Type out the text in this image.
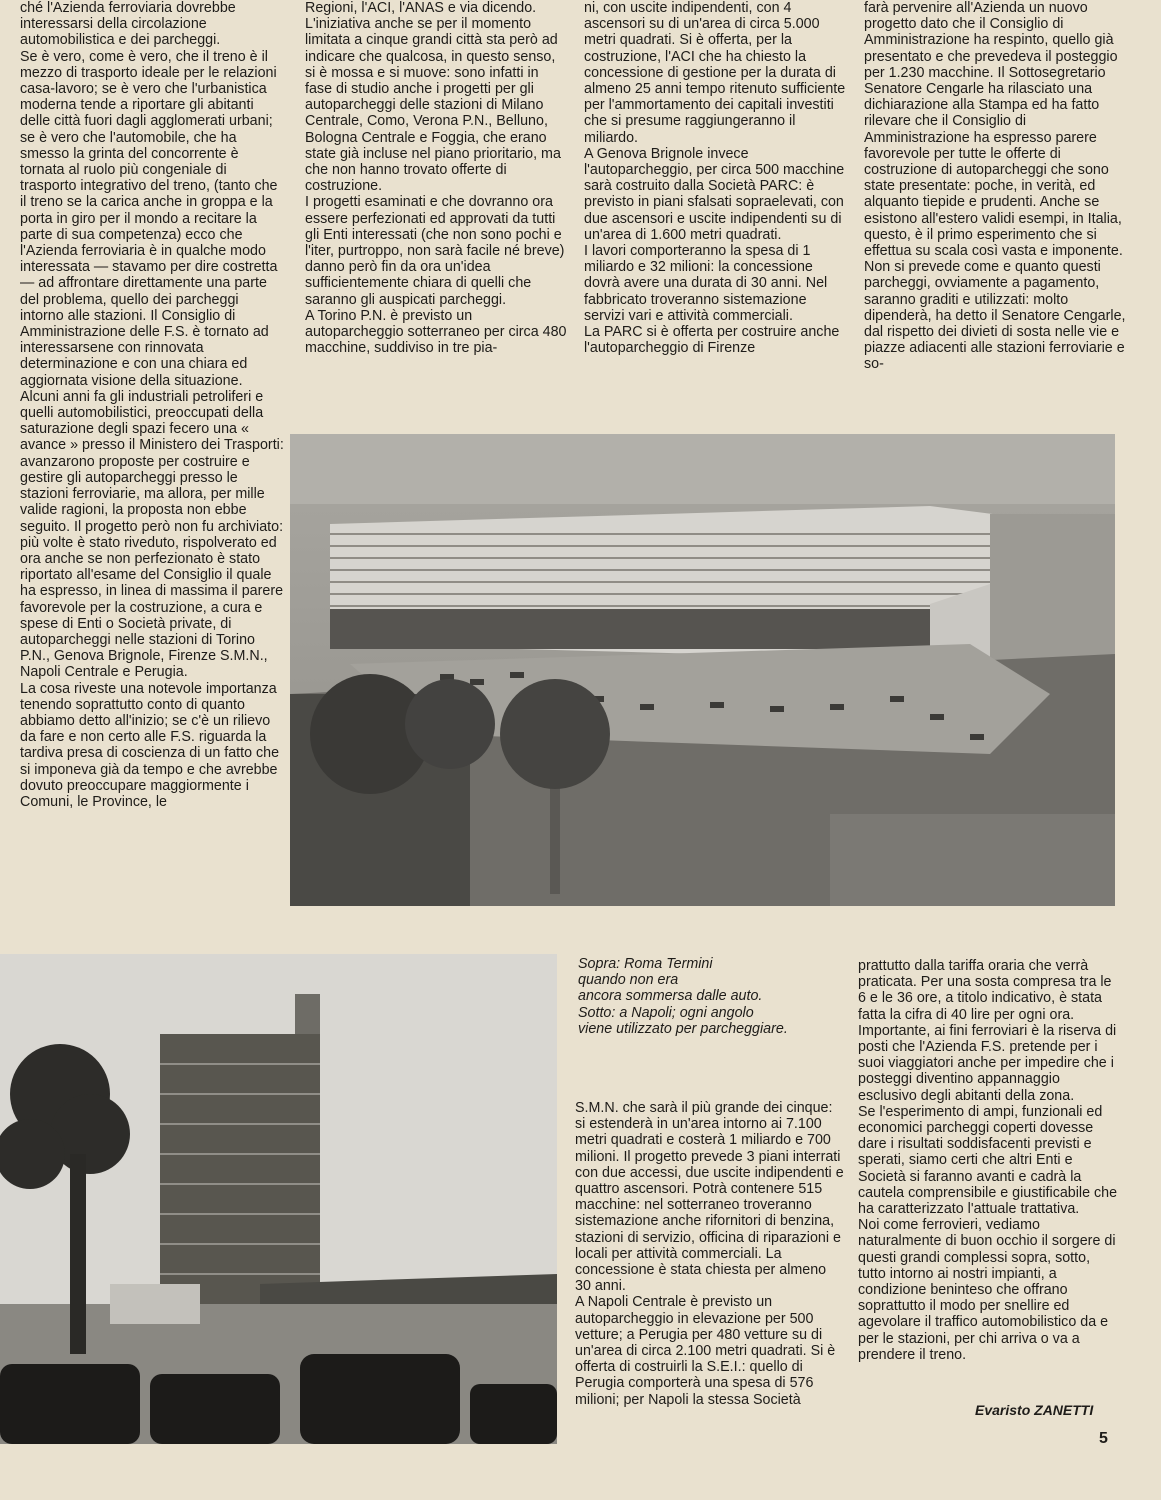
ché l'Azienda ferroviaria dovrebbe interessarsi della circolazione automobilistica e dei parcheggi.
Se è vero, come è vero, che il treno è il mezzo di trasporto ideale per le relazioni casa-lavoro; se è vero che l'urbanistica moderna tende a riportare gli abitanti delle città fuori dagli agglomerati urbani; se è vero che l'automobile, che ha smesso la grinta del concorrente è tornata al ruolo più congeniale di trasporto integrativo del treno, (tanto che il treno se la carica anche in groppa e la porta in giro per il mondo a recitare la parte di sua competenza) ecco che l'Azienda ferroviaria è in qualche modo interessata — stavamo per dire costretta — ad affrontare direttamente una parte del problema, quello dei parcheggi intorno alle stazioni. Il Consiglio di Amministrazione delle F.S. è tornato ad interessarsene con rinnovata determinazione e con una chiara ed aggiornata visione della situazione.
Alcuni anni fa gli industriali petroliferi e quelli automobilistici, preoccupati della saturazione degli spazi fecero una « avance » presso il Ministero dei Trasporti: avanzarono proposte per costruire e gestire gli autoparcheggi presso le stazioni ferroviarie, ma allora, per mille valide ragioni, la proposta non ebbe seguito. Il progetto però non fu archiviato: più volte è stato riveduto, rispolverato ed ora anche se non perfezionato è stato riportato all'esame del Consiglio il quale ha espresso, in linea di massima il parere favorevole per la costruzione, a cura e spese di Enti o Società private, di autoparcheggi nelle stazioni di Torino P.N., Genova Brignole, Firenze S.M.N., Napoli Centrale e Perugia.
La cosa riveste una notevole importanza tenendo soprattutto conto di quanto abbiamo detto all'inizio; se c'è un rilievo da fare e non certo alle F.S. riguarda la tardiva presa di coscienza di un fatto che si imponeva già da tempo e che avrebbe dovuto preoccupare maggiormente i Comuni, le Province, le

Regioni, l'ACI, l'ANAS e via dicendo.
L'iniziativa anche se per il momento limitata a cinque grandi città sta però ad indicare che qualcosa, in questo senso, si è mossa e si muove: sono infatti in fase di studio anche i progetti per gli autoparcheggi delle stazioni di Milano Centrale, Como, Verona P.N., Belluno, Bologna Centrale e Foggia, che erano state già incluse nel piano prioritario, ma che non hanno trovato offerte di costruzione.
I progetti esaminati e che dovranno ora essere perfezionati ed approvati da tutti gli Enti interessati (che non sono pochi e l'iter, purtroppo, non sarà facile né breve) danno però fin da ora un'idea sufficientemente chiara di quelli che saranno gli auspicati parcheggi.
A Torino P.N. è previsto un autoparcheggio sotterraneo per circa 480 macchine, suddiviso in tre pia-

ni, con uscite indipendenti, con 4 ascensori su di un'area di circa 5.000 metri quadrati. Si è offerta, per la costruzione, l'ACI che ha chiesto la concessione di gestione per la durata di almeno 25 anni tempo ritenuto sufficiente per l'ammortamento dei capitali investiti che si presume raggiungeranno il miliardo.
A Genova Brignole invece l'autoparcheggio, per circa 500 macchine sarà costruito dalla Società PARC: è previsto in piani sfalsati sopraelevati, con due ascensori e uscite indipendenti su di un'area di 1.600 metri quadrati.
I lavori comporteranno la spesa di 1 miliardo e 32 milioni: la concessione dovrà avere una durata di 30 anni. Nel fabbricato troveranno sistemazione servizi vari e attività commerciali.
La PARC si è offerta per costruire anche l'autoparcheggio di Firenze

farà pervenire all'Azienda un nuovo progetto dato che il Consiglio di Amministrazione ha respinto, quello già presentato e che prevedeva il posteggio per 1.230 macchine. Il Sottosegretario Senatore Cengarle ha rilasciato una dichiarazione alla Stampa ed ha fatto rilevare che il Consiglio di Amministrazione ha espresso parere favorevole per tutte le offerte di costruzione di autoparcheggi che sono state presentate: poche, in verità, ed alquanto tiepide e prudenti. Anche se esistono all'estero validi esempi, in Italia, questo, è il primo esperimento che si effettua su scala così vasta e imponente. Non si prevede come e quanto questi parcheggi, ovviamente a pagamento, saranno graditi e utilizzati: molto dipenderà, ha detto il Senatore Cengarle, dal rispetto dei divieti di sosta nelle vie e piazze adiacenti alle stazioni ferroviarie e so-

Sopra: Roma Termini
quando non era
ancora sommersa dalle auto.
Sotto: a Napoli; ogni angolo
viene utilizzato per parcheggiare.

S.M.N. che sarà il più grande dei cinque: si estenderà in un'area intorno ai 7.100 metri quadrati e costerà 1 miliardo e 700 milioni. Il progetto prevede 3 piani interrati con due accessi, due uscite indipendenti e quattro ascensori. Potrà contenere 515 macchine: nel sotterraneo troveranno sistemazione anche rifornitori di benzina, stazioni di servizio, officina di riparazioni e locali per attività commerciali. La concessione è stata chiesta per almeno 30 anni.
A Napoli Centrale è previsto un autoparcheggio in elevazione per 500 vetture; a Perugia per 480 vetture su di un'area di circa 2.100 metri quadrati. Si è offerta di costruirli la S.E.I.: quello di Perugia comporterà una spesa di 576 milioni; per Napoli la stessa Società

prattutto dalla tariffa oraria che verrà praticata. Per una sosta compresa tra le 6 e le 36 ore, a titolo indicativo, è stata fatta la cifra di 40 lire per ogni ora. Importante, ai fini ferroviari è la riserva di posti che l'Azienda F.S. pretende per i suoi viaggiatori anche per impedire che i posteggi diventino appannaggio esclusivo degli abitanti della zona.
Se l'esperimento di ampi, funzionali ed economici parcheggi coperti dovesse dare i risultati soddisfacenti previsti e sperati, siamo certi che altri Enti e Società si faranno avanti e cadrà la cautela comprensibile e giustificabile che ha caratterizzato l'attuale trattativa.
Noi come ferrovieri, vediamo naturalmente di buon occhio il sorgere di questi grandi complessi sopra, sotto, tutto intorno ai nostri impianti, a condizione beninteso che offrano soprattutto il modo per snellire ed agevolare il traffico automobilistico da e per le stazioni, per chi arriva o va a prendere il treno.

Evaristo ZANETTI
5
